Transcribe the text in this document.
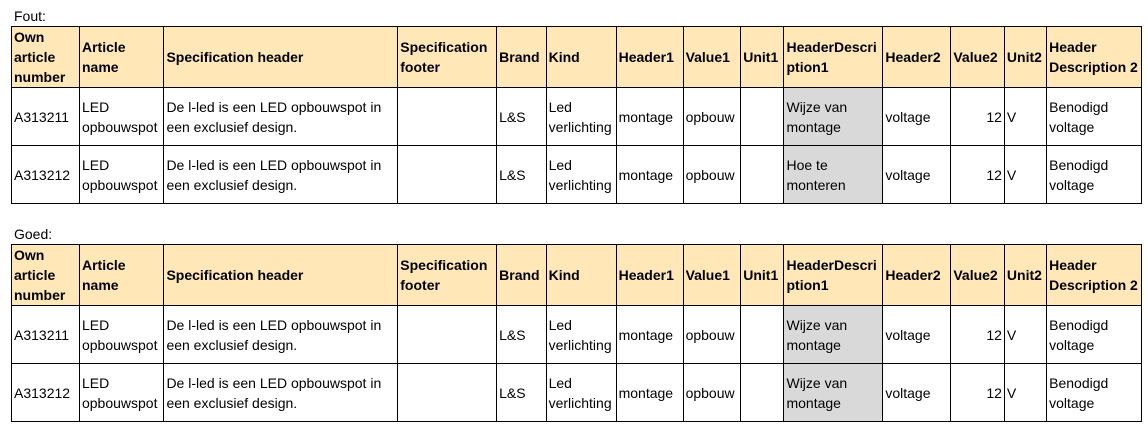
Fout:
Own article number	Article name	Specification header	Specification footer	Brand	Kind	Header1	Value1	Unit1	HeaderDescription1	Header2	Value2	Unit2	Header Description 2
A313211	LED opbouwspot	De l-led is een LED opbouwspot in een exclusief design.		L&S	Led verlichting	montage	opbouw		Wijze van montage	voltage	12	V	Benodigd voltage
A313212	LED opbouwspot	De l-led is een LED opbouwspot in een exclusief design.		L&S	Led verlichting	montage	opbouw		Hoe te monteren	voltage	12	V	Benodigd voltage
Goed:
Own article number	Article name	Specification header	Specification footer	Brand	Kind	Header1	Value1	Unit1	HeaderDescription1	Header2	Value2	Unit2	Header Description 2
A313211	LED opbouwspot	De l-led is een LED opbouwspot in een exclusief design.		L&S	Led verlichting	montage	opbouw		Wijze van montage	voltage	12	V	Benodigd voltage
A313212	LED opbouwspot	De l-led is een LED opbouwspot in een exclusief design.		L&S	Led verlichting	montage	opbouw		Wijze van montage	voltage	12	V	Benodigd voltage
